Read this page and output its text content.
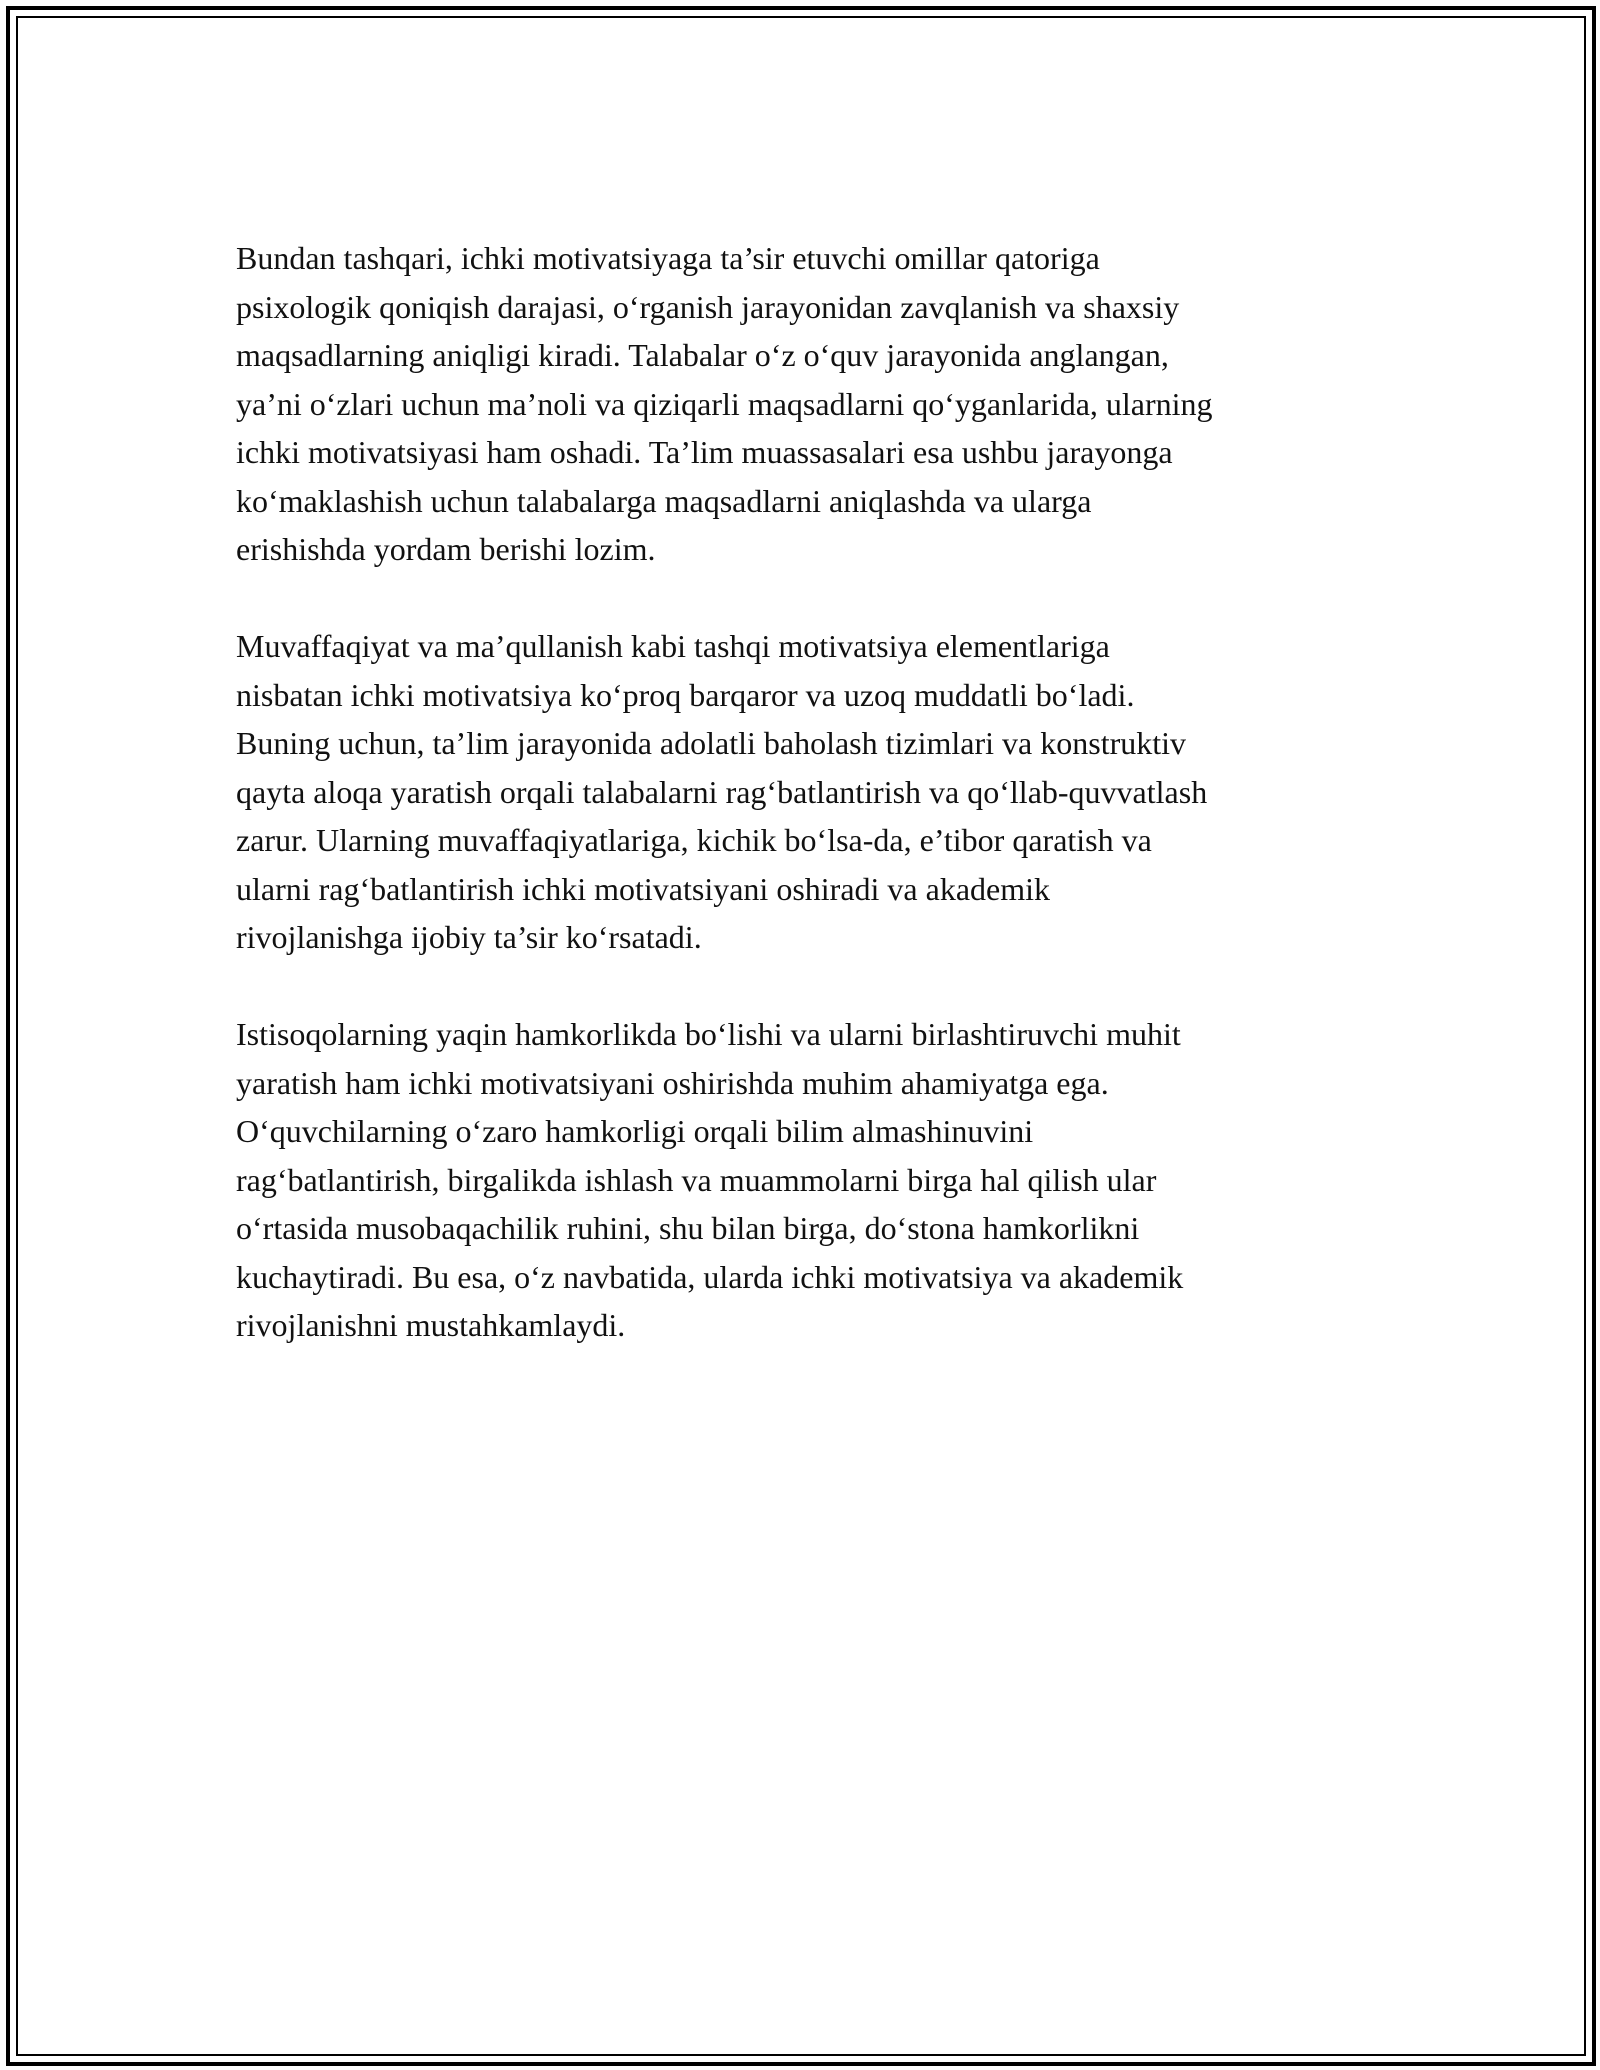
Bundan tashqari, ichki motivatsiyaga ta’sir etuvchi omillar qatoriga
psixologik qoniqish darajasi, o‘rganish jarayonidan zavqlanish va shaxsiy
maqsadlarning aniqligi kiradi. Talabalar o‘z o‘quv jarayonida anglangan,
ya’ni o‘zlari uchun ma’noli va qiziqarli maqsadlarni qo‘yganlarida, ularning
ichki motivatsiyasi ham oshadi. Ta’lim muassasalari esa ushbu jarayonga
ko‘maklashish uchun talabalarga maqsadlarni aniqlashda va ularga
erishishda yordam berishi lozim.

Muvaffaqiyat va ma’qullanish kabi tashqi motivatsiya elementlariga
nisbatan ichki motivatsiya ko‘proq barqaror va uzoq muddatli bo‘ladi.
Buning uchun, ta’lim jarayonida adolatli baholash tizimlari va konstruktiv
qayta aloqa yaratish orqali talabalarni rag‘batlantirish va qo‘llab-quvvatlash
zarur. Ularning muvaffaqiyatlariga, kichik bo‘lsa-da, e’tibor qaratish va
ularni rag‘batlantirish ichki motivatsiyani oshiradi va akademik
rivojlanishga ijobiy ta’sir ko‘rsatadi.

Istisoqolarning yaqin hamkorlikda bo‘lishi va ularni birlashtiruvchi muhit
yaratish ham ichki motivatsiyani oshirishda muhim ahamiyatga ega.
O‘quvchilarning o‘zaro hamkorligi orqali bilim almashinuvini
rag‘batlantirish, birgalikda ishlash va muammolarni birga hal qilish ular
o‘rtasida musobaqachilik ruhini, shu bilan birga, do‘stona hamkorlikni
kuchaytiradi. Bu esa, o‘z navbatida, ularda ichki motivatsiya va akademik
rivojlanishni mustahkamlaydi.
